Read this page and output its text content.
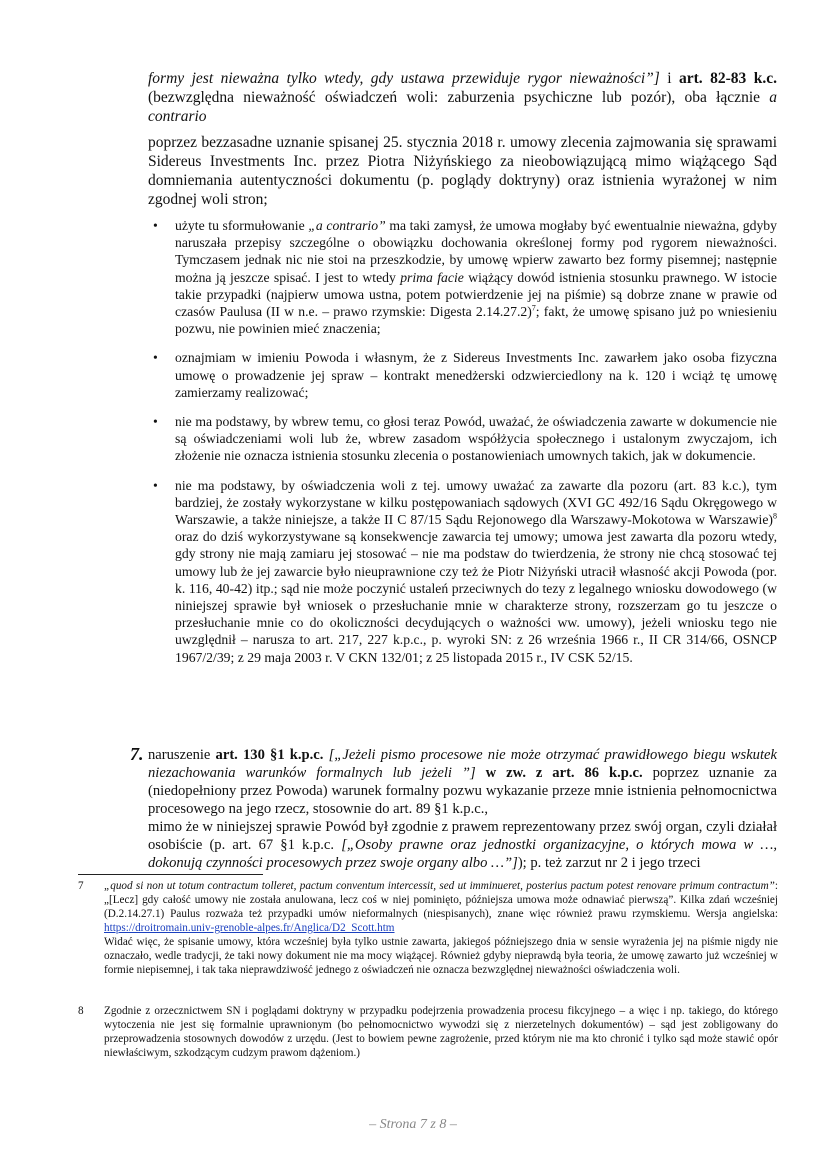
formy jest nieważna tylko wtedy, gdy ustawa przewiduje rygor nieważności”] i art. 82-83 k.c. (bezwzględna nieważność oświadczeń woli: zaburzenia psychiczne lub pozór), oba łącznie a contrario

poprzez bezzasadne uznanie spisanej 25. stycznia 2018 r. umowy zlecenia zajmowania się sprawami Sidereus Investments Inc. przez Piotra Niżyńskiego za nieobowiązującą mimo wiążącego Sąd domniemania autentyczności dokumentu (p. poglądy doktryny) oraz istnienia wyrażonej w nim zgodnej woli stron;

• użyte tu sformułowanie „a contrario” ma taki zamysł, że umowa mogłaby być ewentualnie nieważna, gdyby naruszała przepisy szczególne o obowiązku dochowania określonej formy pod rygorem nieważności. Tymczasem jednak nic nie stoi na przeszkodzie, by umowę wpierw zawarto bez formy pisemnej; następnie można ją jeszcze spisać. I jest to wtedy prima facie wiążący dowód istnienia stosunku prawnego. W istocie takie przypadki (najpierw umowa ustna, potem potwierdzenie jej na piśmie) są dobrze znane w prawie od czasów Paulusa (II w n.e. – prawo rzymskie: Digesta 2.14.27.2)$^7$; fakt, że umowę spisano już po wniesieniu pozwu, nie powinien mieć znaczenia;
• oznajmiam w imieniu Powoda i własnym, że z Sidereus Investments Inc. zawarłem jako osoba fizyczna umowę o prowadzenie jej spraw – kontrakt menedżerski odzwierciedlony na k. 120 i wciąż tę umowę zamierzamy realizować;
• nie ma podstawy, by wbrew temu, co głosi teraz Powód, uważać, że oświadczenia zawarte w dokumencie nie są oświadczeniami woli lub że, wbrew zasadom współżycia społecznego i ustalonym zwyczajom, ich złożenie nie oznacza istnienia stosunku zlecenia o postanowieniach umownych takich, jak w dokumencie.
• nie ma podstawy, by oświadczenia woli z tej. umowy uważać za zawarte dla pozoru (art. 83 k.c.), tym bardziej, że zostały wykorzystane w kilku postępowaniach sądowych (XVI GC 492/16 Sądu Okręgowego w Warszawie, a także niniejsze, a także II C 87/15 Sądu Rejonowego dla Warszawy-Mokotowa w Warszawie)$^8$ oraz do dziś wykorzystywane są konsekwencje zawarcia tej umowy; umowa jest zawarta dla pozoru wtedy, gdy strony nie mają zamiaru jej stosować – nie ma podstaw do twierdzenia, że strony nie chcą stosować tej umowy lub że jej zawarcie było nieuprawnione czy też że Piotr Niżyński utracił własność akcji Powoda (por. k. 116, 40-42) itp.; sąd nie może poczynić ustaleń przeciwnych do tezy z legalnego wniosku dowodowego (w niniejszej sprawie był wniosek o przesłuchanie mnie w charakterze strony, rozszerzam go tu jeszcze o przesłuchanie mnie co do okoliczności decydujących o ważności ww. umowy), jeżeli wniosku tego nie uwzględnił – narusza to art. 217, 227 k.p.c., p. wyroki SN: z 26 września 1966 r., II CR 314/66, OSNCP 1967/2/39; z 29 maja 2003 r. V CKN 132/01; z 25 listopada 2015 r., IV CSK 52/15.
7. naruszenie art. 130 §1 k.p.c. [„Jeżeli pismo procesowe nie może otrzymać prawidłowego biegu wskutek niezachowania warunków formalnych lub jeżeli ”] w zw. z art. 86 k.p.c. poprzez uznanie za (niedopełniony przez Powoda) warunek formalny pozwu wykazanie przeze mnie istnienia pełnomocnictwa procesowego na jego rzecz, stosownie do art. 89 §1 k.p.c.,
mimo że w niniejszej sprawie Powód był zgodnie z prawem reprezentowany przez swój organ, czyli działał osobiście (p. art. 67 §1 k.p.c. [„Osoby prawne oraz jednostki organizacyjne, o których mowa w …, dokonują czynności procesowych przez swoje organy albo …”]); p. też zarzut nr 2 i jego trzeci
7 „quod si non ut totum contractum tolleret, pactum conventum intercessit, sed ut imminueret, posterius pactum potest renovare primum contractum”: „[Lecz] gdy całość umowy nie została anulowana, lecz coś w niej pominięto, późniejsza umowa może odnawiać pierwszą”. Kilka zdań wcześniej (D.2.14.27.1) Paulus rozważa też przypadki umów nieformalnych (niespisanych), znane więc również prawu rzymskiemu. Wersja angielska: https://droitromain.univ-grenoble-alpes.fr/Anglica/D2_Scott.htm
Widać więc, że spisanie umowy, która wcześniej była tylko ustnie zawarta, jakiegoś późniejszego dnia w sensie wyrażenia jej na piśmie nigdy nie oznaczało, wedle tradycji, że taki nowy dokument nie ma mocy wiążącej. Również gdyby nieprawdą była teoria, że umowę zawarto już wcześniej w formie niepisemnej, i tak taka nieprawdziwość jednego z oświadczeń nie oznacza bezwzględnej nieważności oświadczenia woli.
8 Zgodnie z orzecznictwem SN i poglądami doktryny w przypadku podejrzenia prowadzenia procesu fikcyjnego – a więc i np. takiego, do którego wytoczenia nie jest się formalnie uprawnionym (bo pełnomocnictwo wywodzi się z nierzetelnych dokumentów) – sąd jest zobligowany do przeprowadzenia stosownych dowodów z urzędu. (Jest to bowiem pewne zagrożenie, przed którym nie ma kto chronić i tylko sąd może stawić opór niewłaściwym, szkodzącym cudzym prawom dążeniom.)
– Strona 7 z 8 –
